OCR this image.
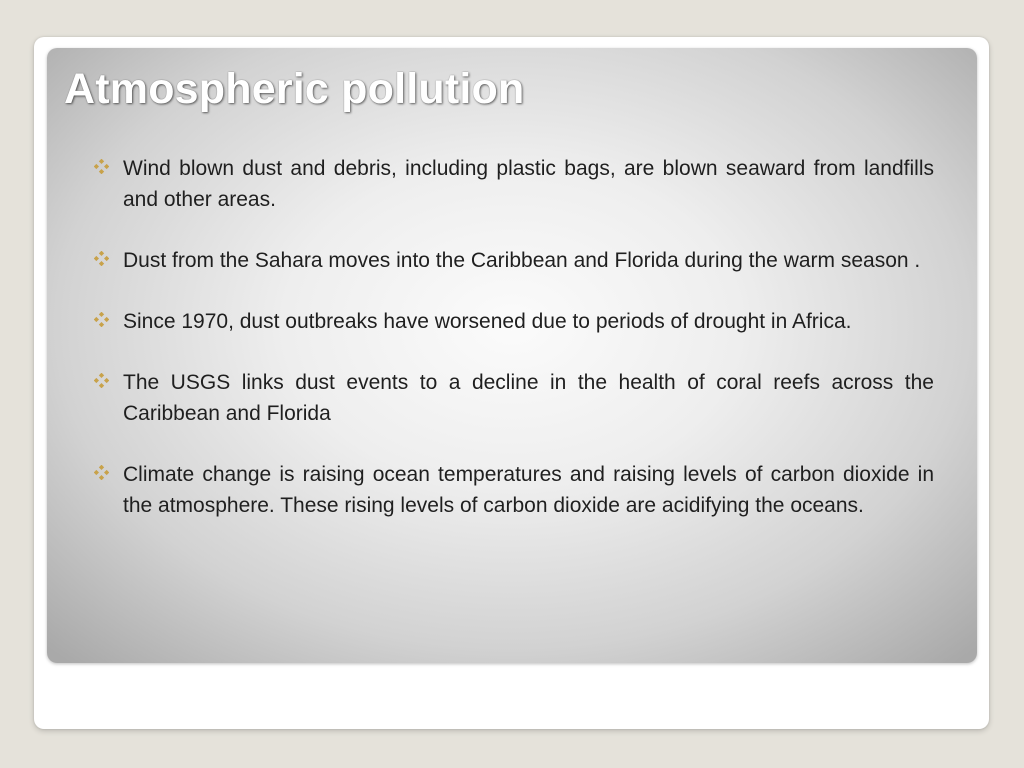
Atmospheric pollution
Wind blown dust and debris, including plastic bags, are blown seaward from landfills and other areas.
Dust from the Sahara moves into the Caribbean and Florida during the warm season .
Since 1970, dust outbreaks have worsened due to periods of drought in Africa.
The USGS links dust events to a decline in the health of coral reefs across the Caribbean and Florida
Climate change is raising ocean temperatures and raising levels of carbon dioxide in the atmosphere. These rising levels of carbon dioxide are acidifying the oceans.
